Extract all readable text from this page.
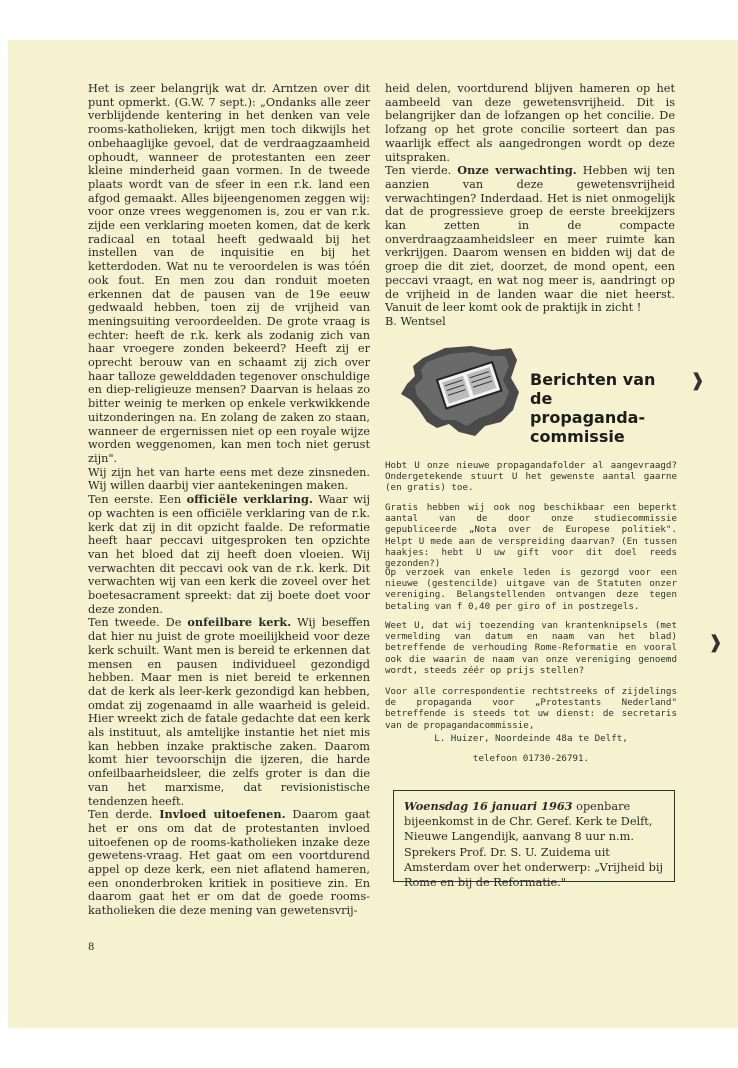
Het is zeer belangrijk wat dr. Arntzen over dit punt opmerkt. (G.W. 7 sept.): „Ondanks alle zeer verblijdende kentering in het denken van vele rooms-katholieken, krijgt men toch dikwijls het onbehaaglijke gevoel, dat de verdraagzaamheid ophoudt, wanneer de protestanten een zeer kleine minderheid gaan vormen. In de tweede plaats wordt van de sfeer in een r.k. land een afgod gemaakt. Alles bijeengenomen zeggen wij: voor onze vrees weggenomen is, zou er van r.k. zijde een verklaring moeten komen, dat de kerk radicaal en totaal heeft gedwaald bij het instellen van de inquisitie en bij het ketterdoden. Wat nu te veroordelen is was tóén ook fout. En men zou dan ronduit moeten erkennen dat de pausen van de 19e eeuw gedwaald hebben, toen zij de vrijheid van meningsuiting veroordeelden. De grote vraag is echter: heeft de r.k. kerk als zodanig zich van haar vroegere zonden bekeerd? Heeft zij er oprecht berouw van en schaamt zij zich over haar talloze gewelddaden tegenover onschuldige en diep-religieuze mensen? Daarvan is helaas zo bitter weinig te merken op enkele verkwikkende uitzonderingen na. En zolang de zaken zo staan, wanneer de ergernissen niet op een royale wijze worden weggenomen, kan men toch niet gerust zijn".

Wij zijn het van harte eens met deze zinsneden. Wij willen daarbij vier aantekeningen maken.

Ten eerste. Een officiële verklaring. Waar wij op wachten is een officiële verklaring van de r.k. kerk dat zij in dit opzicht faalde. De reformatie heeft haar peccavi uitgesproken ten opzichte van het bloed dat zij heeft doen vloeien. Wij verwachten dit peccavi ook van de r.k. kerk. Dit verwachten wij van een kerk die zoveel over het boetesacrament spreekt: dat zij boete doet voor deze zonden.

Ten tweede. De onfeilbare kerk. Wij beseffen dat hier nu juist de grote moeilijkheid voor deze kerk schuilt. Want men is bereid te erkennen dat mensen en pausen individueel gezondigd hebben. Maar men is niet bereid te erkennen dat de kerk als leer-kerk gezondigd kan hebben, omdat zij zogenaamd in alle waarheid is geleid. Hier wreekt zich de fatale gedachte dat een kerk als instituut, als amtelijke instantie het niet mis kan hebben inzake praktische zaken. Daarom komt hier tevoorschijn die ijzeren, die harde onfeilbaarheidsleer, die zelfs groter is dan die van het marxisme, dat revisionistische tendenzen heeft.

Ten derde. Invloed uitoefenen. Daarom gaat het er ons om dat de protestanten invloed uitoefenen op de rooms-katholieken inzake deze gewetens-vraag. Het gaat om een voortdurend appel op deze kerk, een niet aflatend hameren, een ononderbroken kritiek in positieve zin. En daarom gaat het er om dat de goede rooms-katholieken die deze mening van gewetensvrij-

heid delen, voortdurend blijven hameren op het aambeeld van deze gewetensvrijheid. Dit is belangrijker dan de lofzangen op het concilie. De lofzang op het grote concilie sorteert dan pas waarlijk effect als aangedrongen wordt op deze uitspraken.

Ten vierde. Onze verwachting. Hebben wij ten aanzien van deze gewetensvrijheid verwachtingen? Inderdaad. Het is niet onmogelijk dat de progressieve groep de eerste breekijzers kan zetten in de compacte onverdraagzaamheidsleer en meer ruimte kan verkrijgen. Daarom wensen en bidden wij dat de groep die dit ziet, doorzet, de mond opent, een peccavi vraagt, en wat nog meer is, aandringt op de vrijheid in de landen waar die niet heerst. Vanuit de leer komt ook de praktijk in zicht !

B. Wentsel

Berichten van de
propaganda-
commissie
❱
❱

Hobt U onze nieuwe propagandafolder al aangevraagd? Ondergetekende stuurt U het gewenste aantal gaarne (en gratis) toe.

Gratis hebben wij ook nog beschikbaar een beperkt aantal van de door onze studiecommissie gepubliceerde „Nota over de Europese politiek". Helpt U mede aan de verspreiding daarvan? (En tussen haakjes: hebt U uw gift voor dit doel reeds gezonden?)

Op verzoek van enkele leden is gezorgd voor een nieuwe (gestencilde) uitgave van de Statuten onzer vereniging. Belangstellenden ontvangen deze tegen betaling van f 0,40 per giro of in postzegels.

Weet U, dat wij toezending van krantenknipsels (met vermelding van datum en naam van het blad) betreffende de verhouding Rome-Reformatie en vooral ook die waarin de naam van onze vereniging genoemd wordt, steeds zéér op prijs stellen?

Voor alle correspondentie rechtstreeks of zijdelings de propaganda voor „Protestants Nederland" betreffende is steeds tot uw dienst: de secretaris van de propagandacommissie,

L. Huizer, Noordeinde 48a te Delft,

telefoon 01730-26791.

Woensdag 16 januari 1963 openbare bijeenkomst in de Chr. Geref. Kerk te Delft, Nieuwe Langendijk, aanvang 8 uur n.m. Sprekers Prof. Dr. S. U. Zuidema uit Amsterdam over het onderwerp: „Vrijheid bij Rome en bij de Reformatie."
8
